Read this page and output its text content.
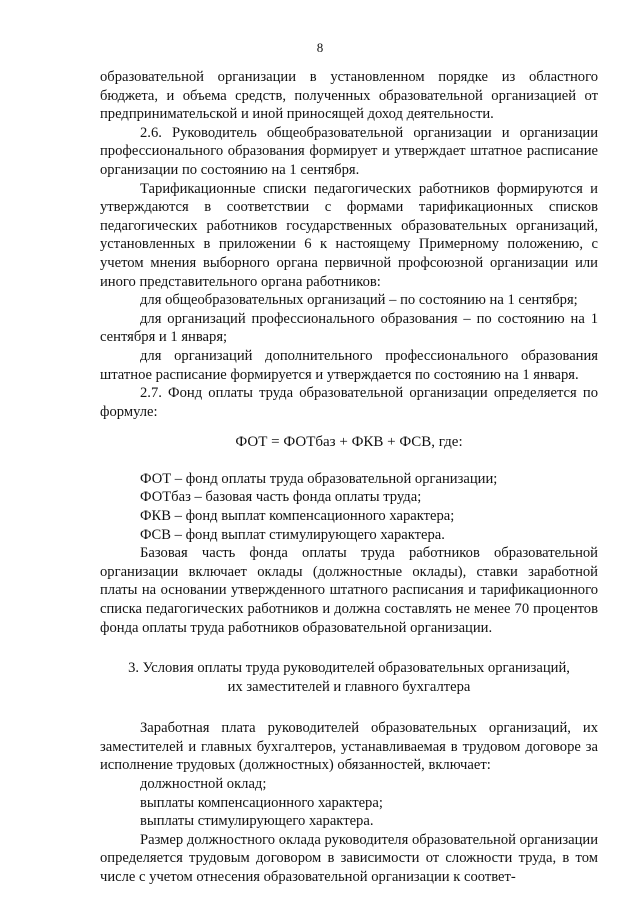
8

образовательной организации в установленном порядке из областного бюджета, и объема средств, полученных образовательной организацией от предпринимательской и иной приносящей доход деятельности.

2.6. Руководитель общеобразовательной организации и организации профессионального образования формирует и утверждает штатное расписание организации по состоянию на 1 сентября.

Тарификационные списки педагогических работников формируются и утверждаются в соответствии с формами тарификационных списков педагогических работников государственных образовательных организаций, установленных в приложении 6 к настоящему Примерному положению, с учетом мнения выборного органа первичной профсоюзной организации или иного представительного органа работников:

для общеобразовательных организаций – по состоянию на 1 сентября;

для организаций профессионального образования – по состоянию на 1 сентября и 1 января;

для организаций дополнительного профессионального образования штатное расписание формируется и утверждается по состоянию на 1 января.

2.7. Фонд оплаты труда образовательной организации определяется по формуле:

ФОТ = ФОТбаз + ФКВ + ФСВ, где:
ФОТ – фонд оплаты труда образовательной организации;
ФОТбаз – базовая часть фонда оплаты труда;
ФКВ – фонд выплат компенсационного характера;
ФСВ – фонд выплат стимулирующего характера.

Базовая часть фонда оплаты труда работников образовательной организации включает оклады (должностные оклады), ставки заработной платы на основании утвержденного штатного расписания и тарификационного списка педагогических работников и должна составлять не менее 70 процентов фонда оплаты труда работников образовательной организации.

3. Условия оплаты труда руководителей образовательных организаций,
их заместителей и главного бухгалтера

Заработная плата руководителей образовательных организаций, их заместителей и главных бухгалтеров, устанавливаемая в трудовом договоре за исполнение трудовых (должностных) обязанностей, включает:

должностной оклад;

выплаты компенсационного характера;

выплаты стимулирующего характера.

Размер должностного оклада руководителя образовательной организации определяется трудовым договором в зависимости от сложности труда, в том числе с учетом отнесения образовательной организации к соответ-
